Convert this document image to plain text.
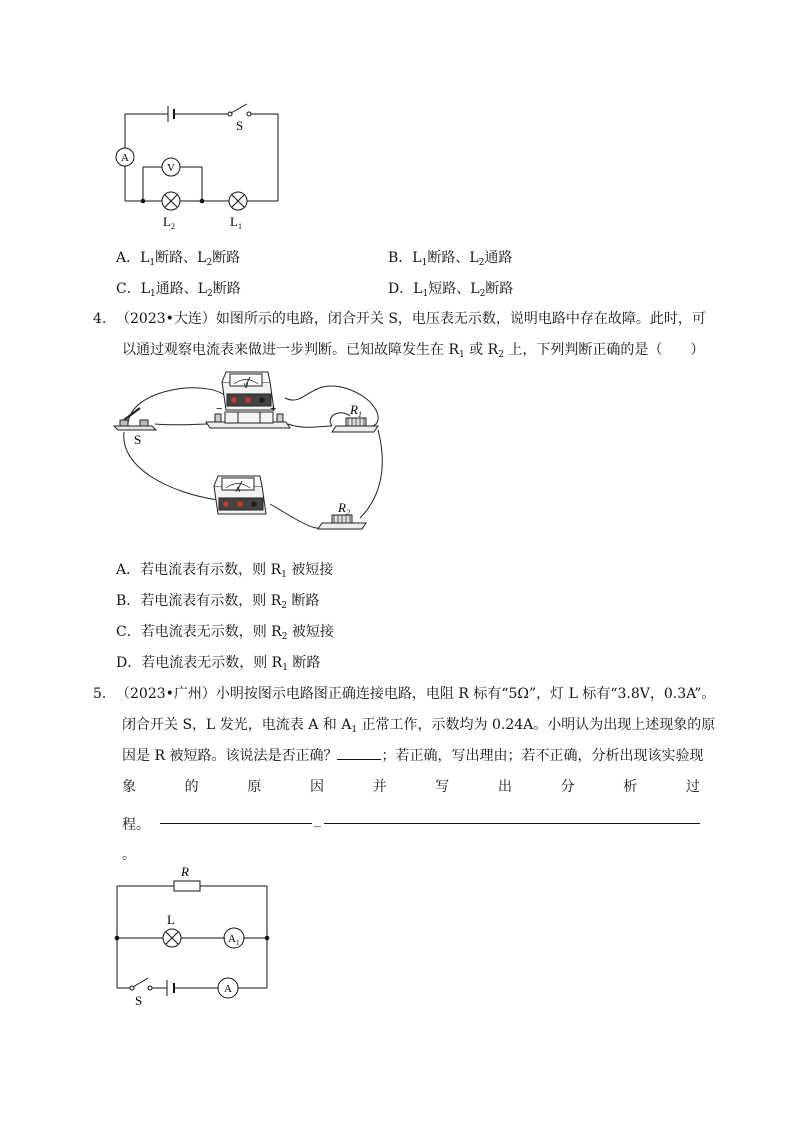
A
V
S
$L_2$	$L_1$
A．$L_1$断路、$L_2$断路	B．$L_1$断路、$L_2$通路
C．$L_1$通路、$L_2$断路	D．$L_1$短路、$L_2$断路
4. （2023•大连）如图所示的电路，闭合开关 S，电压表无示数，说明电路中存在故障。此时，可
以通过观察电流表来做进一步判断。已知故障发生在 $R_1$ 或 $R_2$ 上，下列判断正确的是（　　）
V
A
−	+
S
$R_1$
$R_2$
A．若电流表有示数，则 $R_1$ 被短接
B．若电流表有示数，则 $R_2$ 断路
C．若电流表无示数，则 $R_2$ 被短接
D．若电流表无示数，则 $R_1$ 断路
5. （2023•广州）小明按图示电路图正确连接电路，电阻 R 标有“5Ω”，灯 L 标有“3.8V，0.3A”。
闭合开关 S，L 发光，电流表 A 和 $A_1$ 正常工作，示数均为 0.24A。小明认为出现上述现象的原
因是 R 被短路。该说法是否正确？	；若正确，写出理由；若不正确，分析出现该实验现
象	的	原	因	并	写	出	分	析	过
程。	_
。
R
L
$A_1$
A
S
